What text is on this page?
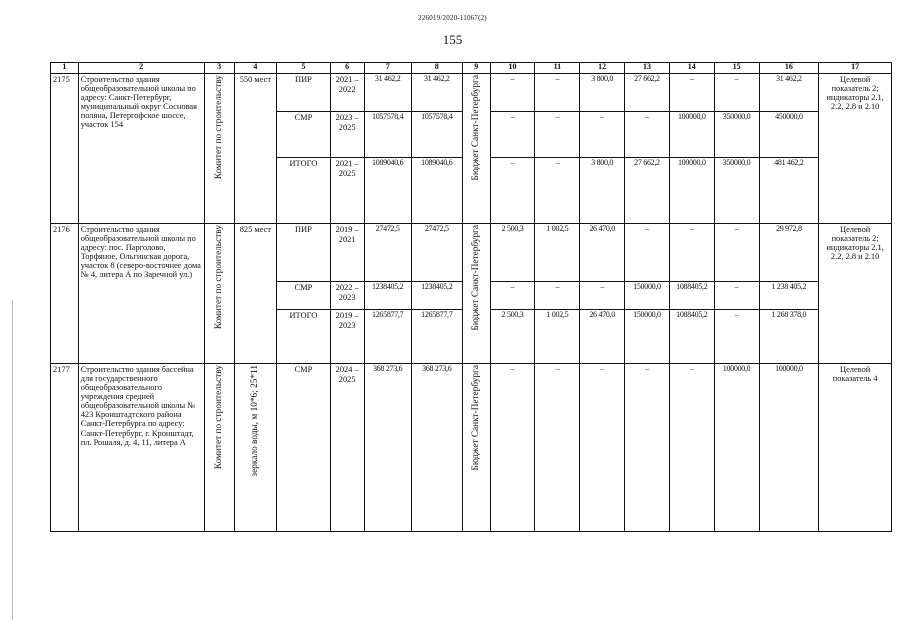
226019/2020-11067(2)
155
1	2	3	4	5	6	7	8	9	10	11	12	13	14	15	16	17
2175	Строительство здания общеобразовательной школы по адресу: Санкт-Петербург, муниципальный округ Сосновая поляна, Петергофское шоссе, участок 154	Комитет по строительству	550 мест	ПИР	2021 – 2022	31 462,2	31 462,2	Бюджет Санкт-Петербурга	–	–	3 800,0	27 662,2	–	–	31 462,2	Целевой показатель 2; индикаторы 2.1, 2.2, 2.8 и 2.10
				СМР	2023 – 2025	1057578,4	1057578,4		–	–	–	–	100000,0	350000,0	450000,0	
				ИТОГО	2021 – 2025	1089040,6	1089040,6		–	–	3 800,0	27 662,2	100000,0	350000,0	481 462,2	
2176	Строительство здания общеобразовательной школы по адресу: пос. Парголово, Торфяное, Ольгинская дорога, участок 8 (северо-восточнее дома № 4, литера А по Заречной ул.)	Комитет по строительству	825 мест	ПИР	2019 – 2021	27472,5	27472,5	Бюджет Санкт-Петербурга	2 500,3	1 002,5	26 470,0	–	–	–	29 972,8	Целевой показатель 2; индикаторы 2.1, 2.2, 2.8 и 2.10
				СМР	2022 – 2023	1238405,2	1238405,2		–	–	–	150000,0	1088405,2	–	1 238 405,2	
				ИТОГО	2019 – 2023	1265877,7	1265877,7		2 500,3	1 002,5	26 470,0	150000,0	1088405,2	–	1 268 378,0	
2177	Строительство здания бассейна для государственного общеобразовательного учреждения средней общеобразовательной школы № 423 Кронштадтского района Санкт-Петербурга по адресу: Санкт-Петербург, г. Кронштадт, пл. Рошаля, д. 4, 11, литера А	Комитет по строительству	зеркало воды, м 10*6; 25*11	СМР	2024 – 2025	368 273,6	368 273,6	Бюджет Санкт-Петербурга	–	–	–	–	–	100000,0	100000,0	Целевой показатель 4
